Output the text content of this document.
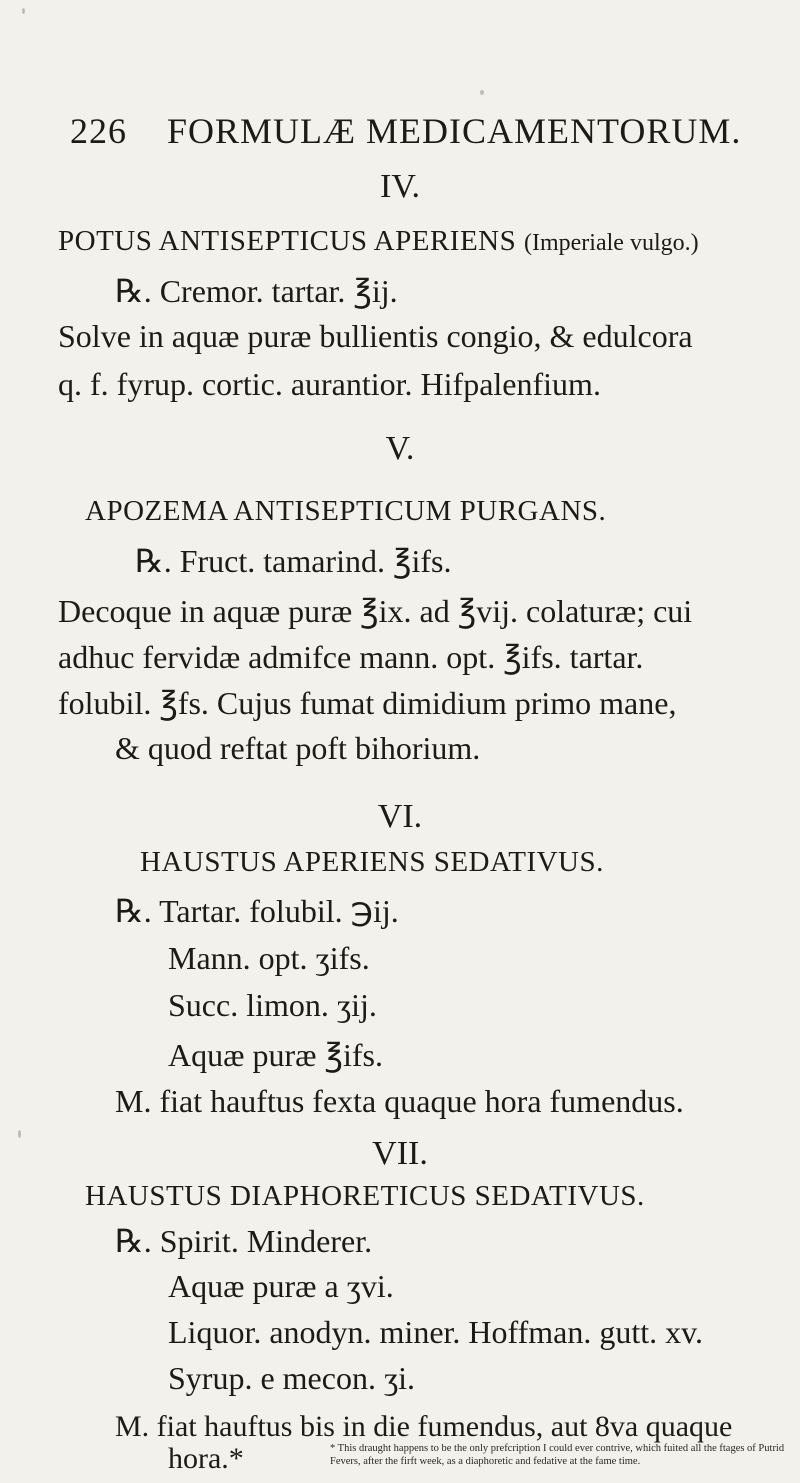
226 FORMULÆ MEDICAMENTORUM.
IV.
POTUS ANTISEPTICUS APERIENS (Imperiale vulgo.)
℞. Cremor. tartar. ℥ij.
Solve in aquæ puræ bullientis congio, & edulcora
q. f. fyrup. cortic. aurantior. Hifpalenfium.
V.
APOZEMA ANTISEPTICUM PURGANS.
℞. Fruct. tamarind. ℥ifs.
Decoque in aquæ puræ ℥ix. ad ℥vij. colaturæ; cui
adhuc fervidæ admifce mann. opt. ℥ifs. tartar.
folubil. ℥fs. Cujus fumat dimidium primo mane,
& quod reftat poft bihorium.
VI.
HAUSTUS APERIENS SEDATIVUS.
℞. Tartar. folubil. ℈ij.
Mann. opt. ʒifs.
Succ. limon. ʒij.
Aquæ puræ ℥ifs.
M. fiat hauftus fexta quaque hora fumendus.
VII.
HAUSTUS DIAPHORETICUS SEDATIVUS.
℞. Spirit. Minderer.
Aquæ puræ a ʒvi.
Liquor. anodyn. miner. Hoffman. gutt. xv.
Syrup. e mecon. ʒi.
M. fiat hauftus bis in die fumendus, aut 8va quaque
hora.*	* This draught happens to be the only prefcription I could ever contrive, which fuited all the ftages of Putrid Fevers, after the firft week, as a diaphoretic and fedative at the fame time.
